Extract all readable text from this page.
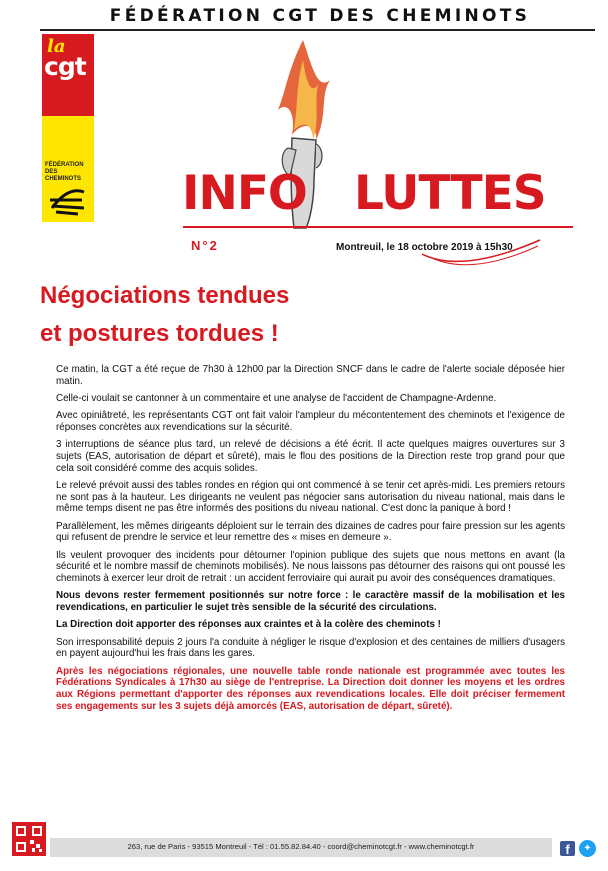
FÉDÉRATION CGT DES CHEMINOTS
la
cgt
FÉDÉRATION
DES CHEMINOTS INFO LUTTES
N°2	Montreuil, le 18 octobre 2019 à 15h30
Négociations tendues
et postures tordues !

Ce matin, la CGT a été reçue de 7h30 à 12h00 par la Direction SNCF dans le cadre de l'alerte sociale déposée hier matin.

Celle-ci voulait se cantonner à un commentaire et une analyse de l'accident de Champagne-Ardenne.

Avec opiniâtreté, les représentants CGT ont fait valoir l'ampleur du mécontentement des cheminots et l'exigence de réponses concrètes aux revendications sur la sécurité.

3 interruptions de séance plus tard, un relevé de décisions a été écrit. Il acte quelques maigres ouvertures sur 3 sujets (EAS, autorisation de départ et sûreté), mais le flou des positions de la Direction reste trop grand pour que cela soit considéré comme des acquis solides.

Le relevé prévoit aussi des tables rondes en région qui ont commencé à se tenir cet après-midi. Les premiers retours ne sont pas à la hauteur. Les dirigeants ne veulent pas négocier sans autorisation du niveau national, mais dans le même temps disent ne pas être informés des positions du niveau national. C'est donc la panique à bord !

Parallèlement, les mêmes dirigeants déploient sur le terrain des dizaines de cadres pour faire pression sur les agents qui refusent de prendre le service et leur remettre des « mises en demeure ».

Ils veulent provoquer des incidents pour détourner l'opinion publique des sujets que nous mettons en avant (la sécurité et le nombre massif de cheminots mobilisés). Ne nous laissons pas détourner des raisons qui ont poussé les cheminots à exercer leur droit de retrait : un accident ferroviaire qui aurait pu avoir des conséquences dramatiques.

Nous devons rester fermement positionnés sur notre force : le caractère massif de la mobilisation et les revendications, en particulier le sujet très sensible de la sécurité des circulations.

La Direction doit apporter des réponses aux craintes et à la colère des cheminots !

Son irresponsabilité depuis 2 jours l'a conduite à négliger le risque d'explosion et des centaines de milliers d'usagers en payent aujourd'hui les frais dans les gares.

Après les négociations régionales, une nouvelle table ronde nationale est programmée avec toutes les Fédérations Syndicales à 17h30 au siège de l'entreprise. La Direction doit donner les moyens et les ordres aux Régions permettant d'apporter des réponses aux revendications locales. Elle doit préciser fermement ses engagements sur les 3 sujets déjà amorcés (EAS, autorisation de départ, sûreté).

263, rue de Paris - 93515 Montreuil - Tél : 01.55.82.84.40 - coord@cheminotcgt.fr - www.cheminotcgt.fr	f	✦
